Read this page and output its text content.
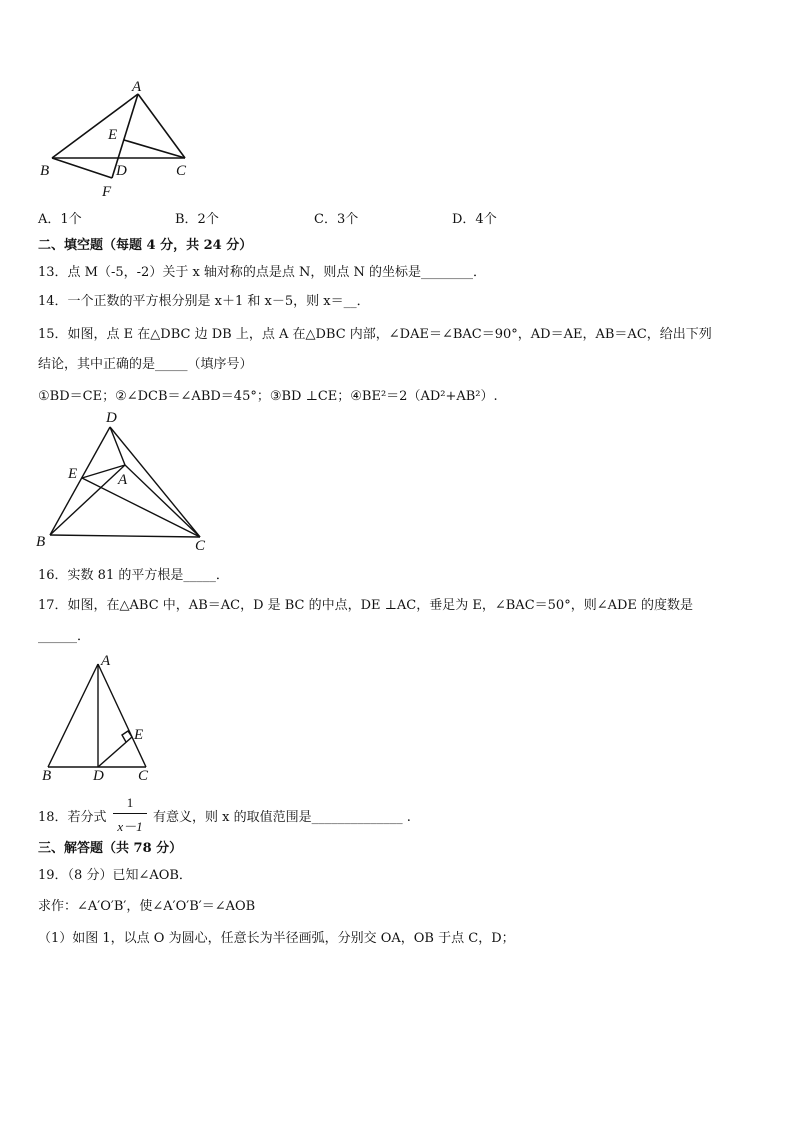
A
E
B	D	C
F
A．1个	B．2个	C．3个	D．4个
二、填空题（每题 4 分，共 24 分）
13．点 M（-5，-2）关于 x 轴对称的点是点 N，则点 N 的坐标是________．
14．一个正数的平方根分别是 x＋1 和 x－5，则 x＝__．
15．如图，点 E 在△DBC 边 DB 上，点 A 在△DBC 内部，∠DAE＝∠BAC＝90°，AD＝AE，AB＝AC，给出下列
结论，其中正确的是_____（填序号）
①BD＝CE；②∠DCB＝∠ABD＝45°；③BD ⊥CE；④BE²＝2（AD²+AB²）.
D
E	A
B	C
16．实数 81 的平方根是_____．
17．如图，在△ABC 中，AB＝AC，D 是 BC 的中点，DE ⊥AC，垂足为 E，∠BAC＝50°，则∠ADE 的度数是
______．
A
E
B	D C
18．若分式
1
x－1
有意义，则 x 的取值范围是______________ .
三、解答题（共 78 分）
19．（8 分）已知∠AOB．
求作：∠A′O′B′，使∠A′O′B′＝∠AOB
（1）如图 1，以点 O 为圆心，任意长为半径画弧，分别交 OA，OB 于点 C，D；
